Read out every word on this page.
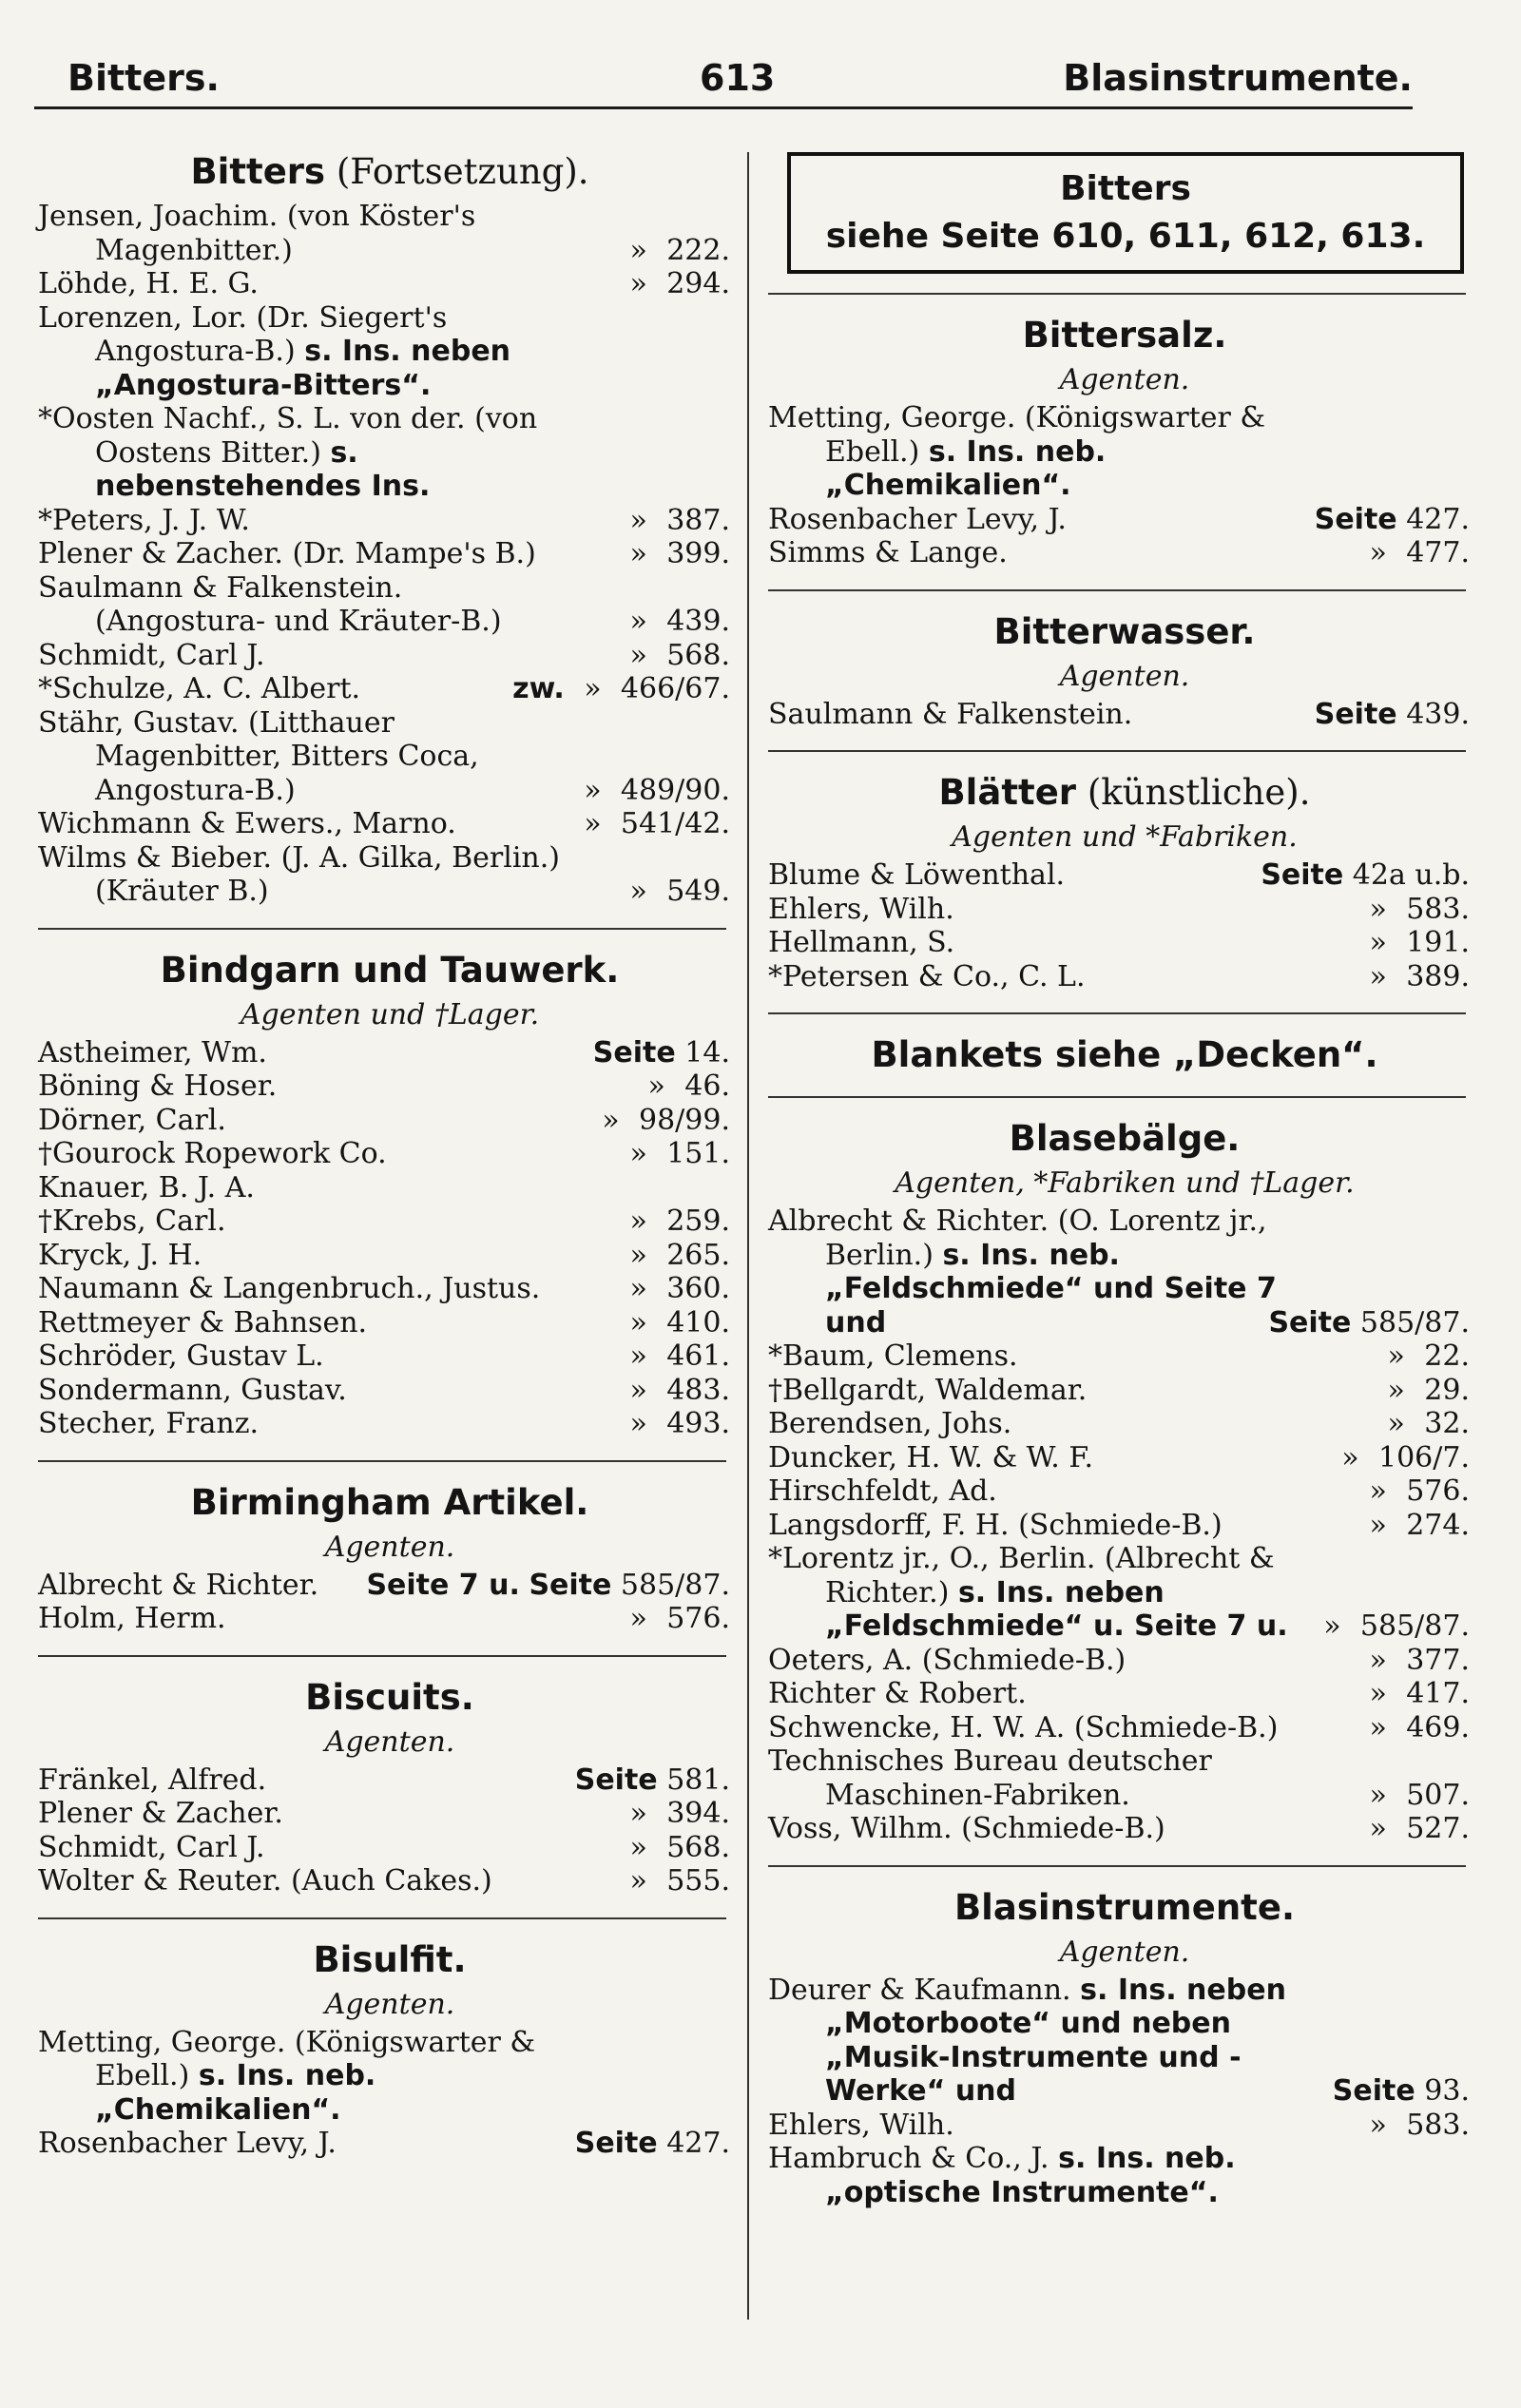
Bitters.	613	Blasinstrumente.
Bitters (Fortsetzung).
Jensen, Joachim. (von Köster's Magenbitter.)	» 222.
Löhde, H. E. G.	» 294.
Lorenzen, Lor. (Dr. Siegert's Angostura-B.) s. Ins. neben „Angostura-Bitters“.
*Oosten Nachf., S. L. von der. (von Oostens Bitter.) s. nebenstehendes Ins.
*Peters, J. J. W.	» 387.
Plener & Zacher. (Dr. Mampe's B.)	» 399.
Saulmann & Falkenstein. (Angostura- und Kräuter-B.)	» 439.
Schmidt, Carl J.	» 568.
*Schulze, A. C. Albert.	zw. » 466/67.
Stähr, Gustav. (Litthauer Magenbitter, Bitters Coca, Angostura-B.)	» 489/90.
Wichmann & Ewers., Marno.	» 541/42.
Wilms & Bieber. (J. A. Gilka, Berlin.) (Kräuter B.)	» 549.
Bindgarn und Tauwerk.
Agenten und †Lager.
Astheimer, Wm.	Seite 14.
Böning & Hoser.	» 46.
Dörner, Carl.	» 98/99.
†Gourock Ropework Co.	» 151.
Knauer, B. J. A.
†Krebs, Carl.	» 259.
Kryck, J. H.	» 265.
Naumann & Langenbruch., Justus.	» 360.
Rettmeyer & Bahnsen.	» 410.
Schröder, Gustav L.	» 461.
Sondermann, Gustav.	» 483.
Stecher, Franz.	» 493.
Birmingham Artikel.
Agenten.
Albrecht & Richter.	Seite 7 u. Seite 585/87.
Holm, Herm.	» 576.
Biscuits.
Agenten.
Fränkel, Alfred.	Seite 581.
Plener & Zacher.	» 394.
Schmidt, Carl J.	» 568.
Wolter & Reuter. (Auch Cakes.)	» 555.
Bisulfit.
Agenten.
Metting, George. (Königswarter & Ebell.) s. Ins. neb. „Chemikalien“.
Rosenbacher Levy, J.	Seite 427.
Bitters
siehe Seite 610, 611, 612, 613.
Bittersalz.
Agenten.
Metting, George. (Königswarter & Ebell.) s. Ins. neb. „Chemikalien“.
Rosenbacher Levy, J.	Seite 427.
Simms & Lange.	» 477.
Bitterwasser.
Agenten.
Saulmann & Falkenstein.	Seite 439.
Blätter (künstliche).
Agenten und *Fabriken.
Blume & Löwenthal.	Seite 42a u.b.
Ehlers, Wilh.	» 583.
Hellmann, S.	» 191.
*Petersen & Co., C. L.	» 389.
Blankets siehe „Decken“.
Blasebälge.
Agenten, *Fabriken und †Lager.
Albrecht & Richter. (O. Lorentz jr., Berlin.) s. Ins. neb. „Feldschmiede“ und Seite 7 und	Seite 585/87.
*Baum, Clemens.	» 22.
†Bellgardt, Waldemar.	» 29.
Berendsen, Johs.	» 32.
Duncker, H. W. & W. F.	» 106/7.
Hirschfeldt, Ad.	» 576.
Langsdorff, F. H. (Schmiede-B.)	» 274.
*Lorentz jr., O., Berlin. (Albrecht & Richter.) s. Ins. neben „Feldschmiede“ u. Seite 7 u.	» 585/87.
Oeters, A. (Schmiede-B.)	» 377.
Richter & Robert.	» 417.
Schwencke, H. W. A. (Schmiede-B.)	» 469.
Technisches Bureau deutscher Maschinen-Fabriken.	» 507.
Voss, Wilhm. (Schmiede-B.)	» 527.
Blasinstrumente.
Agenten.
Deurer & Kaufmann. s. Ins. neben „Motorboote“ und neben „Musik-Instrumente und -Werke“ und	Seite 93.
Ehlers, Wilh.	» 583.
Hambruch & Co., J. s. Ins. neb. „optische Instrumente“.
